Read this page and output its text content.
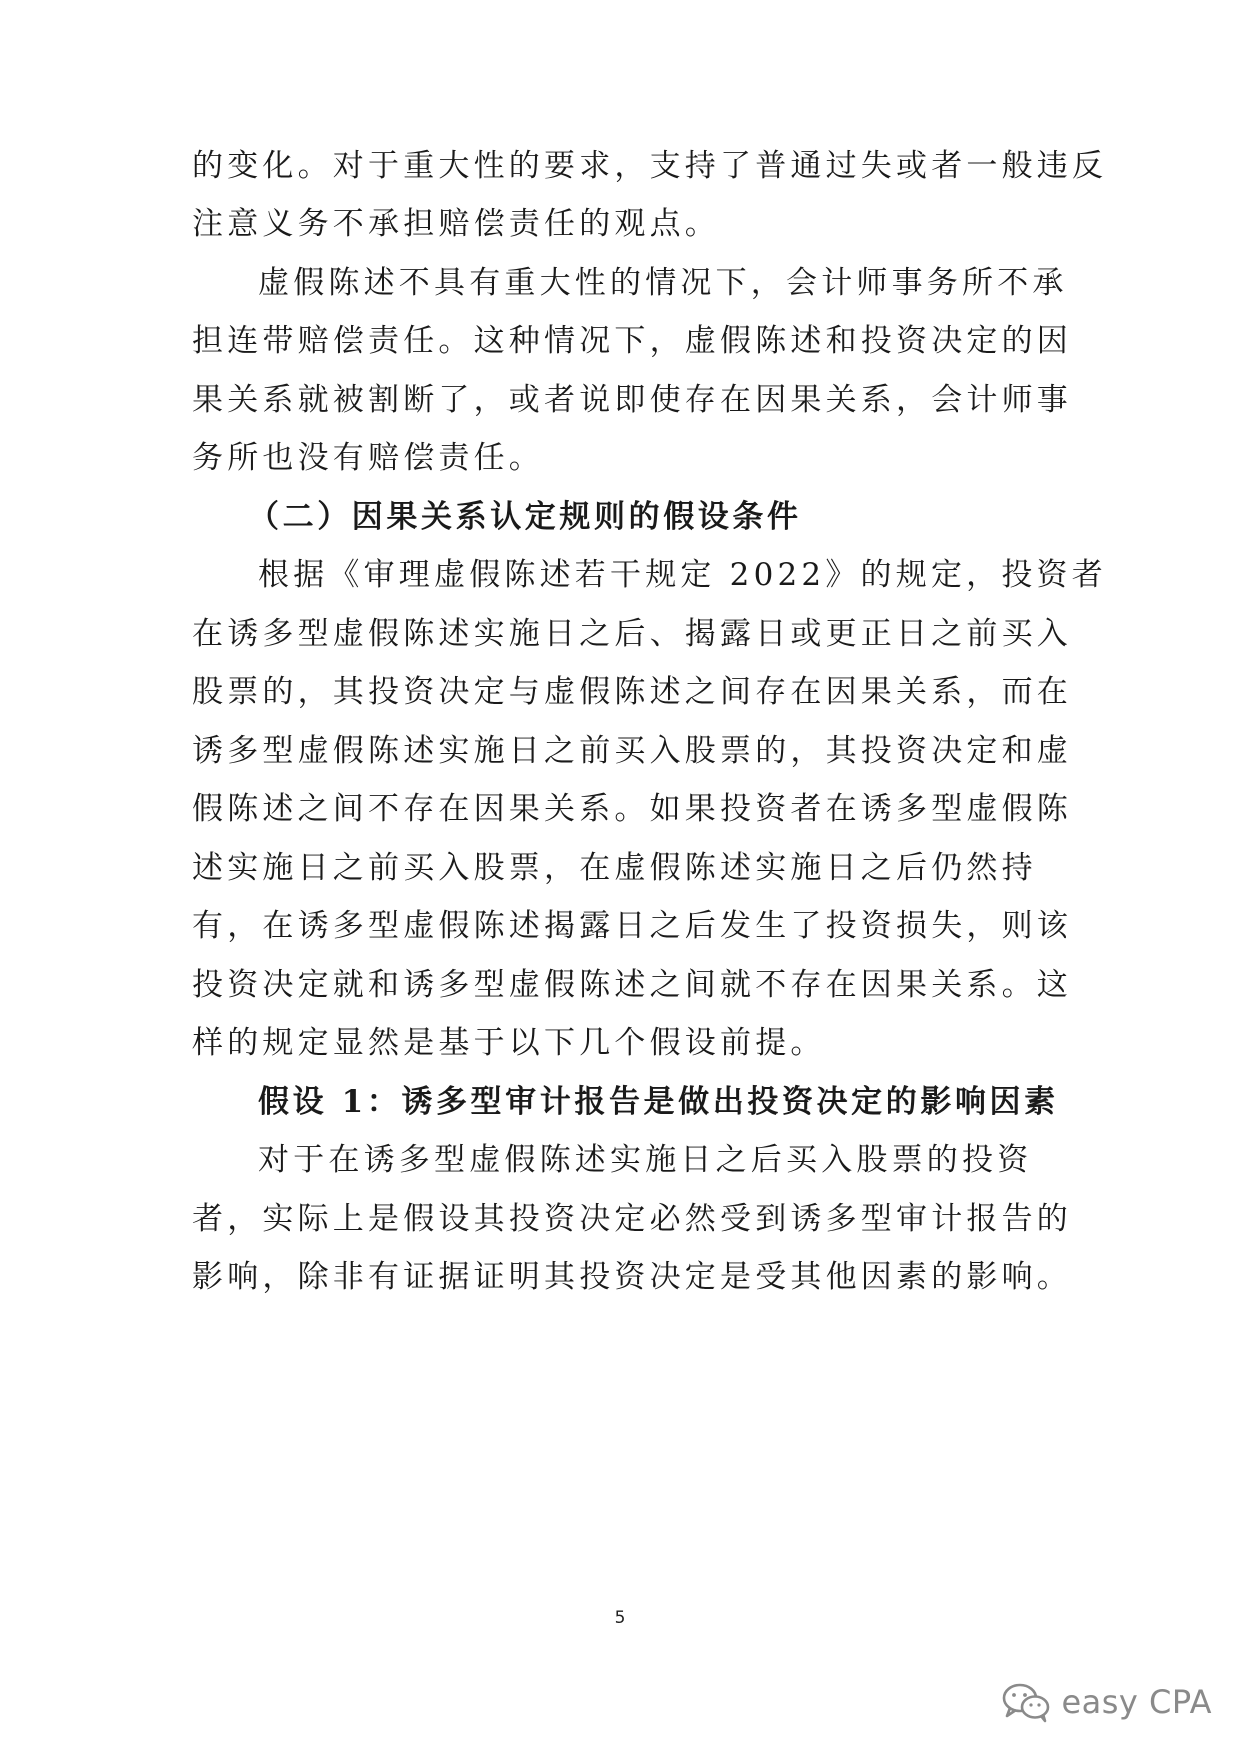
的变化。对于重大性的要求，支持了普通过失或者一般违反
注意义务不承担赔偿责任的观点。
虚假陈述不具有重大性的情况下，会计师事务所不承
担连带赔偿责任。这种情况下，虚假陈述和投资决定的因
果关系就被割断了，或者说即使存在因果关系，会计师事
务所也没有赔偿责任。
（二）因果关系认定规则的假设条件
根据《审理虚假陈述若干规定 2022》的规定，投资者
在诱多型虚假陈述实施日之后、揭露日或更正日之前买入
股票的，其投资决定与虚假陈述之间存在因果关系，而在
诱多型虚假陈述实施日之前买入股票的，其投资决定和虚
假陈述之间不存在因果关系。如果投资者在诱多型虚假陈
述实施日之前买入股票，在虚假陈述实施日之后仍然持
有，在诱多型虚假陈述揭露日之后发生了投资损失，则该
投资决定就和诱多型虚假陈述之间就不存在因果关系。这
样的规定显然是基于以下几个假设前提。
假设 1：诱多型审计报告是做出投资决定的影响因素
对于在诱多型虚假陈述实施日之后买入股票的投资
者，实际上是假设其投资决定必然受到诱多型审计报告的
影响，除非有证据证明其投资决定是受其他因素的影响。
5
easy CPA
